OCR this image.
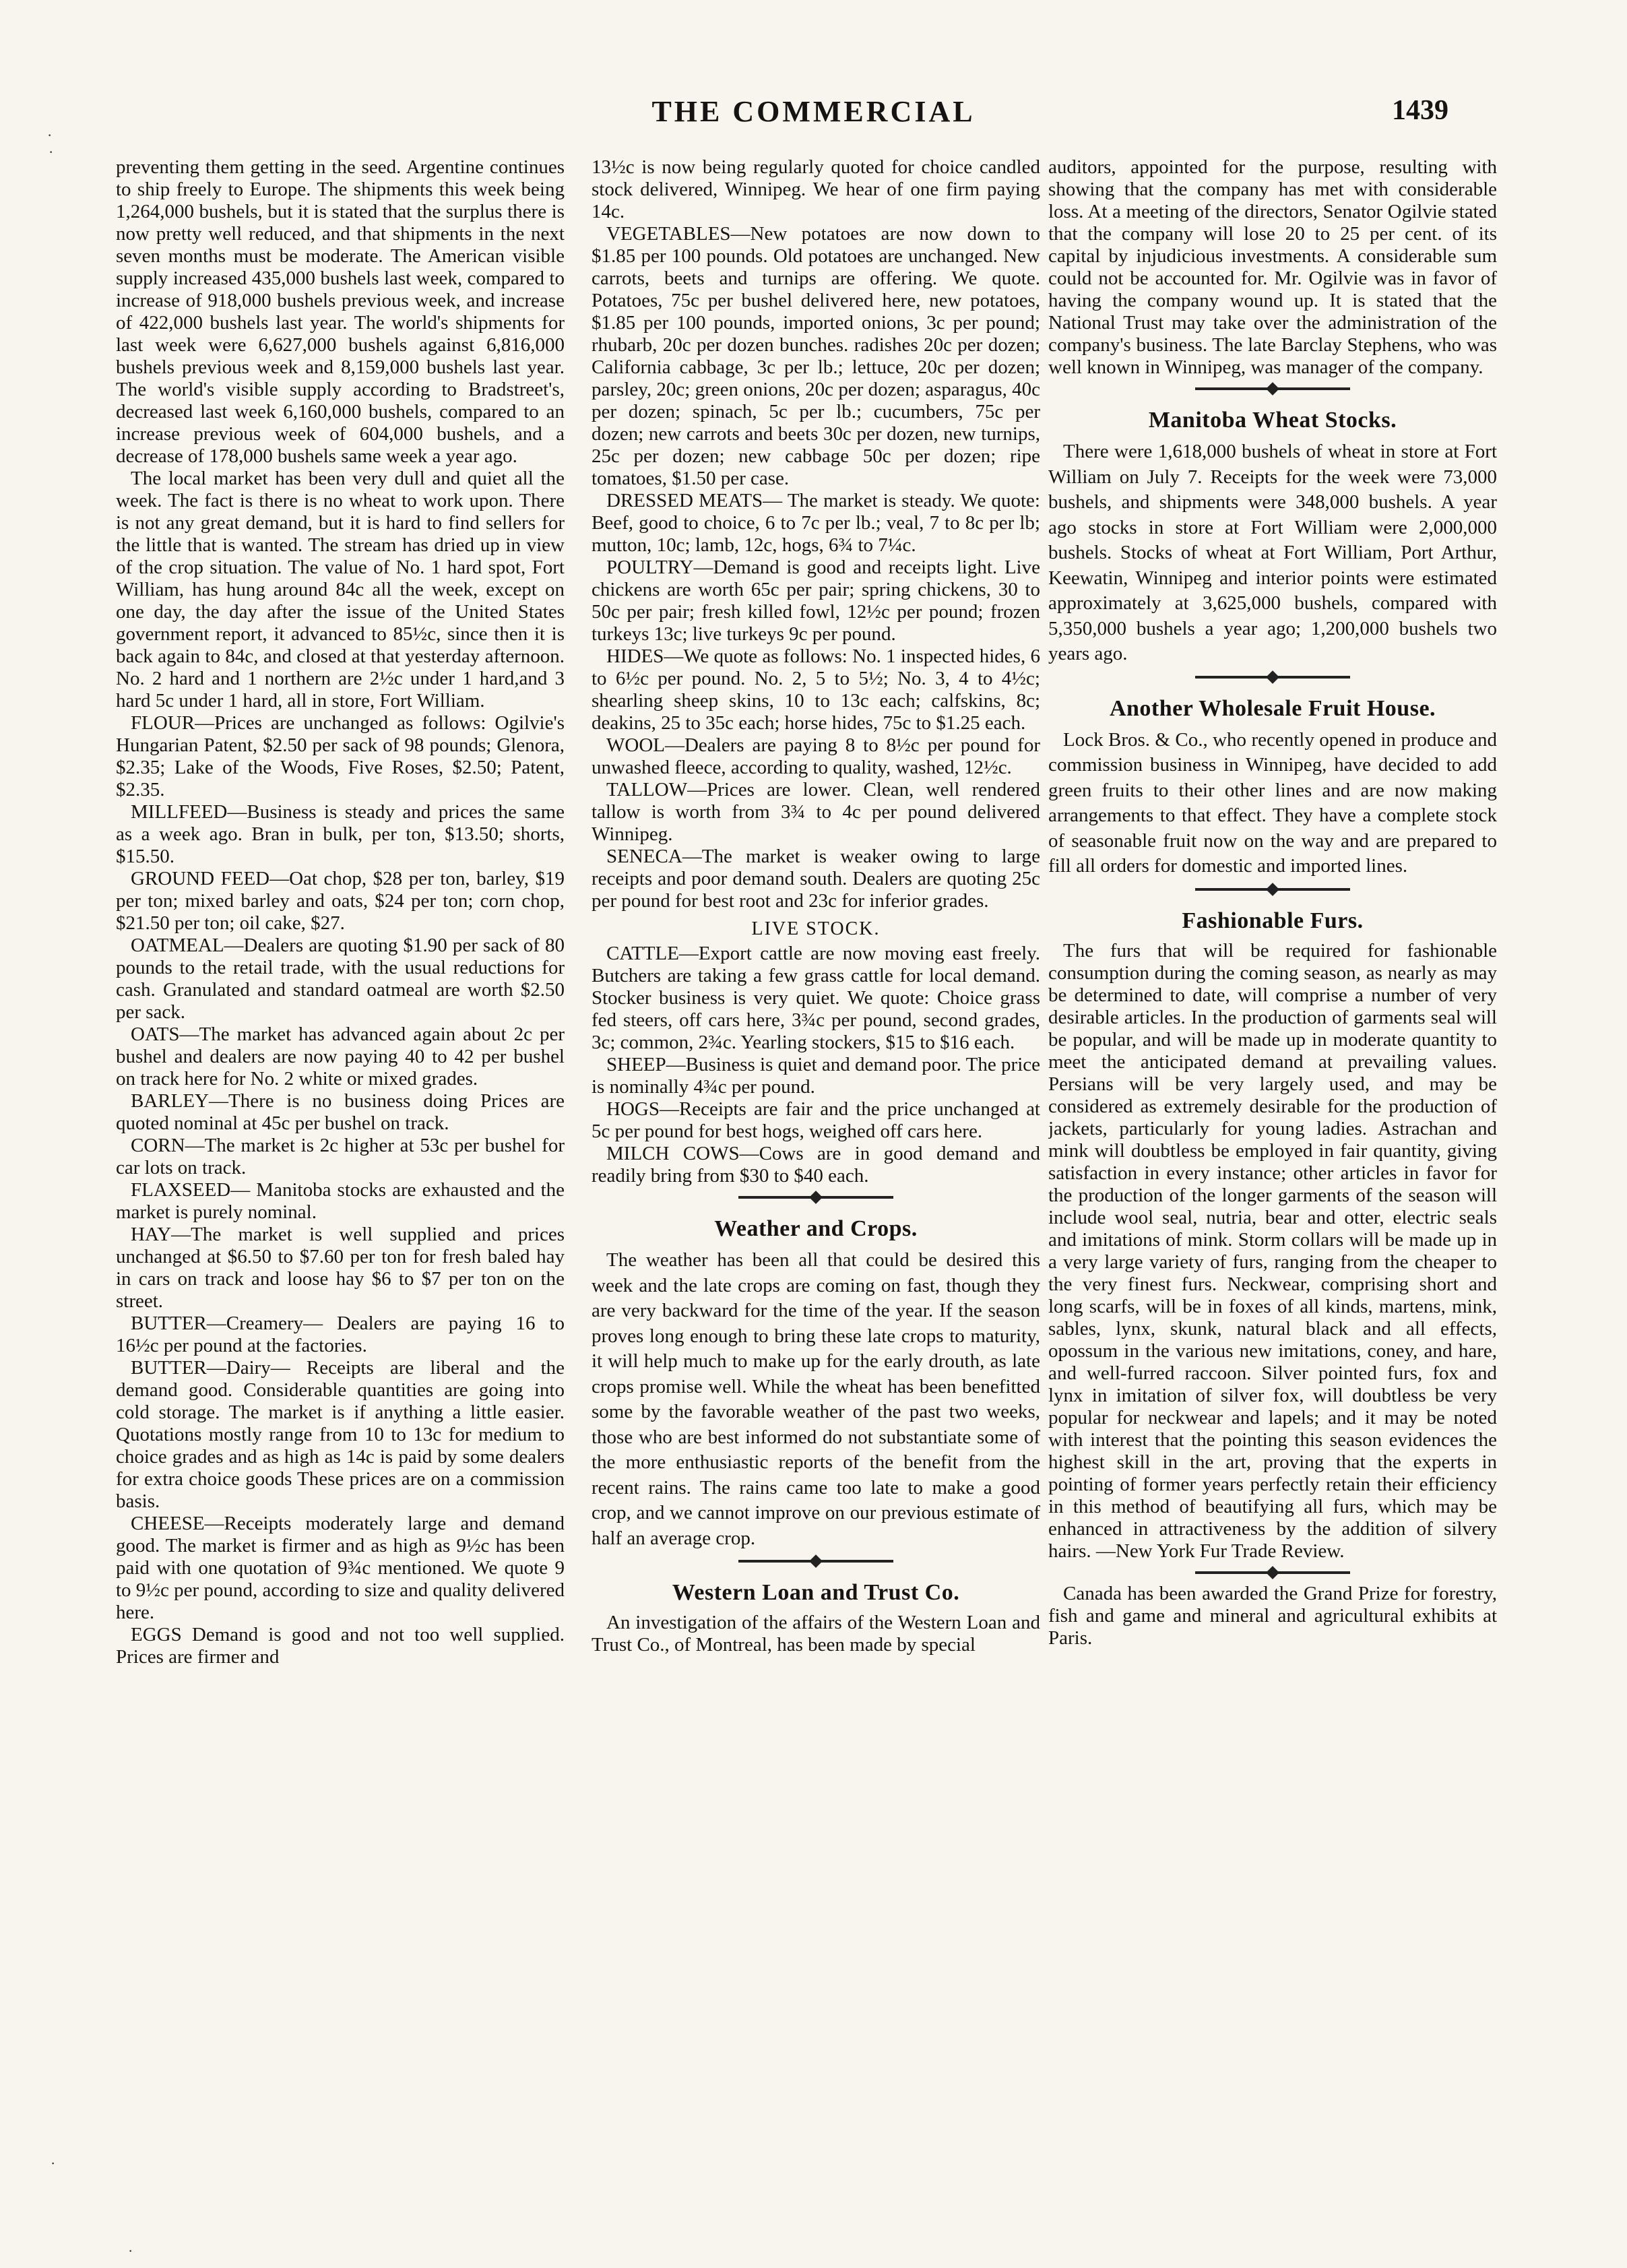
THE COMMERCIAL	1439

preventing them getting in the seed. Argentine continues to ship freely to Europe. The shipments this week being 1,264,000 bushels, but it is stated that the surplus there is now pretty well reduced, and that shipments in the next seven months must be moderate. The American visible supply increased 435,000 bushels last week, compared to increase of 918,000 bushels previous week, and increase of 422,000 bushels last year. The world's shipments for last week were 6,627,000 bushels against 6,816,000 bushels previous week and 8,159,000 bushels last year. The world's visible supply according to Bradstreet's, decreased last week 6,160,000 bushels, compared to an increase previous week of 604,000 bushels, and a decrease of 178,000 bushels same week a year ago.

The local market has been very dull and quiet all the week. The fact is there is no wheat to work upon. There is not any great demand, but it is hard to find sellers for the little that is wanted. The stream has dried up in view of the crop situation. The value of No. 1 hard spot, Fort William, has hung around 84c all the week, except on one day, the day after the issue of the United States government report, it advanced to 85½c, since then it is back again to 84c, and closed at that yesterday afternoon. No. 2 hard and 1 northern are 2½c under 1 hard,and 3 hard 5c under 1 hard, all in store, Fort William.

FLOUR—Prices are unchanged as follows: Ogilvie's Hungarian Patent, $2.50 per sack of 98 pounds; Glenora, $2.35; Lake of the Woods, Five Roses, $2.50; Patent, $2.35.

MILLFEED—Business is steady and prices the same as a week ago. Bran in bulk, per ton, $13.50; shorts, $15.50.

GROUND FEED—Oat chop, $28 per ton, barley, $19 per ton; mixed barley and oats, $24 per ton; corn chop, $21.50 per ton; oil cake, $27.

OATMEAL—Dealers are quoting $1.90 per sack of 80 pounds to the retail trade, with the usual reductions for cash. Granulated and standard oatmeal are worth $2.50 per sack.

OATS—The market has advanced again about 2c per bushel and dealers are now paying 40 to 42 per bushel on track here for No. 2 white or mixed grades.

BARLEY—There is no business doing Prices are quoted nominal at 45c per bushel on track.

CORN—The market is 2c higher at 53c per bushel for car lots on track.

FLAXSEED— Manitoba stocks are exhausted and the market is purely nominal.

HAY—The market is well supplied and prices unchanged at $6.50 to $7.60 per ton for fresh baled hay in cars on track and loose hay $6 to $7 per ton on the street.

BUTTER—Creamery— Dealers are paying 16 to 16½c per pound at the factories.

BUTTER—Dairy— Receipts are liberal and the demand good. Considerable quantities are going into cold storage. The market is if anything a little easier. Quotations mostly range from 10 to 13c for medium to choice grades and as high as 14c is paid by some dealers for extra choice goods These prices are on a commission basis.

CHEESE—Receipts moderately large and demand good. The market is firmer and as high as 9½c has been paid with one quotation of 9¾c mentioned. We quote 9 to 9½c per pound, according to size and quality delivered here.

EGGS Demand is good and not too well supplied. Prices are firmer and

13½c is now being regularly quoted for choice candled stock delivered, Winnipeg. We hear of one firm paying 14c.

VEGETABLES—New potatoes are now down to $1.85 per 100 pounds. Old potatoes are unchanged. New carrots, beets and turnips are offering. We quote. Potatoes, 75c per bushel delivered here, new potatoes, $1.85 per 100 pounds, imported onions, 3c per pound; rhubarb, 20c per dozen bunches. radishes 20c per dozen; California cabbage, 3c per lb.; lettuce, 20c per dozen; parsley, 20c; green onions, 20c per dozen; asparagus, 40c per dozen; spinach, 5c per lb.; cucumbers, 75c per dozen; new carrots and beets 30c per dozen, new turnips, 25c per dozen; new cabbage 50c per dozen; ripe tomatoes, $1.50 per case.

DRESSED MEATS— The market is steady. We quote: Beef, good to choice, 6 to 7c per lb.; veal, 7 to 8c per lb; mutton, 10c; lamb, 12c, hogs, 6¾ to 7¼c.

POULTRY—Demand is good and receipts light. Live chickens are worth 65c per pair; spring chickens, 30 to 50c per pair; fresh killed fowl, 12½c per pound; frozen turkeys 13c; live turkeys 9c per pound.

HIDES—We quote as follows: No. 1 inspected hides, 6 to 6½c per pound. No. 2, 5 to 5½; No. 3, 4 to 4½c; shearling sheep skins, 10 to 13c each; calfskins, 8c; deakins, 25 to 35c each; horse hides, 75c to $1.25 each.

WOOL—Dealers are paying 8 to 8½c per pound for unwashed fleece, according to quality, washed, 12½c.

TALLOW—Prices are lower. Clean, well rendered tallow is worth from 3¾ to 4c per pound delivered Winnipeg.

SENECA—The market is weaker owing to large receipts and poor demand south. Dealers are quoting 25c per pound for best root and 23c for inferior grades.

LIVE STOCK.

CATTLE—Export cattle are now moving east freely. Butchers are taking a few grass cattle for local demand. Stocker business is very quiet. We quote: Choice grass fed steers, off cars here, 3¾c per pound, second grades, 3c; common, 2¾c. Yearling stockers, $15 to $16 each.

SHEEP—Business is quiet and demand poor. The price is nominally 4¾c per pound.

HOGS—Receipts are fair and the price unchanged at 5c per pound for best hogs, weighed off cars here.

MILCH COWS—Cows are in good demand and readily bring from $30 to $40 each.

Weather and Crops.

The weather has been all that could be desired this week and the late crops are coming on fast, though they are very backward for the time of the year. If the season proves long enough to bring these late crops to maturity, it will help much to make up for the early drouth, as late crops promise well. While the wheat has been benefitted some by the favorable weather of the past two weeks, those who are best informed do not substantiate some of the more enthusiastic reports of the benefit from the recent rains. The rains came too late to make a good crop, and we cannot improve on our previous estimate of half an average crop.

Western Loan and Trust Co.

An investigation of the affairs of the Western Loan and Trust Co., of Montreal, has been made by special

auditors, appointed for the purpose, resulting with showing that the company has met with considerable loss. At a meeting of the directors, Senator Ogilvie stated that the company will lose 20 to 25 per cent. of its capital by injudicious investments. A considerable sum could not be accounted for. Mr. Ogilvie was in favor of having the company wound up. It is stated that the National Trust may take over the administration of the company's business. The late Barclay Stephens, who was well known in Winnipeg, was manager of the company.

Manitoba Wheat Stocks.

There were 1,618,000 bushels of wheat in store at Fort William on July 7. Receipts for the week were 73,000 bushels, and shipments were 348,000 bushels. A year ago stocks in store at Fort William were 2,000,000 bushels. Stocks of wheat at Fort William, Port Arthur, Keewatin, Winnipeg and interior points were estimated approximately at 3,625,000 bushels, compared with 5,350,000 bushels a year ago; 1,200,000 bushels two years ago.

Another Wholesale Fruit House.

Lock Bros. & Co., who recently opened in produce and commission business in Winnipeg, have decided to add green fruits to their other lines and are now making arrangements to that effect. They have a complete stock of seasonable fruit now on the way and are prepared to fill all orders for domestic and imported lines.

Fashionable Furs.

The furs that will be required for fashionable consumption during the coming season, as nearly as may be determined to date, will comprise a number of very desirable articles. In the production of garments seal will be popular, and will be made up in moderate quantity to meet the anticipated demand at prevailing values. Persians will be very largely used, and may be considered as extremely desirable for the production of jackets, particularly for young ladies. Astrachan and mink will doubtless be employed in fair quantity, giving satisfaction in every instance; other articles in favor for the production of the longer garments of the season will include wool seal, nutria, bear and otter, electric seals and imitations of mink. Storm collars will be made up in a very large variety of furs, ranging from the cheaper to the very finest furs. Neckwear, comprising short and long scarfs, will be in foxes of all kinds, martens, mink, sables, lynx, skunk, natural black and all effects, opossum in the various new imitations, coney, and hare, and well-furred raccoon. Silver pointed furs, fox and lynx in imitation of silver fox, will doubtless be very popular for neckwear and lapels; and it may be noted with interest that the pointing this season evidences the highest skill in the art, proving that the experts in pointing of former years perfectly retain their efficiency in this method of beautifying all furs, which may be enhanced in attractiveness by the addition of silvery hairs. —New York Fur Trade Review.

Canada has been awarded the Grand Prize for forestry, fish and game and mineral and agricultural exhibits at Paris.

·
·
·
·
